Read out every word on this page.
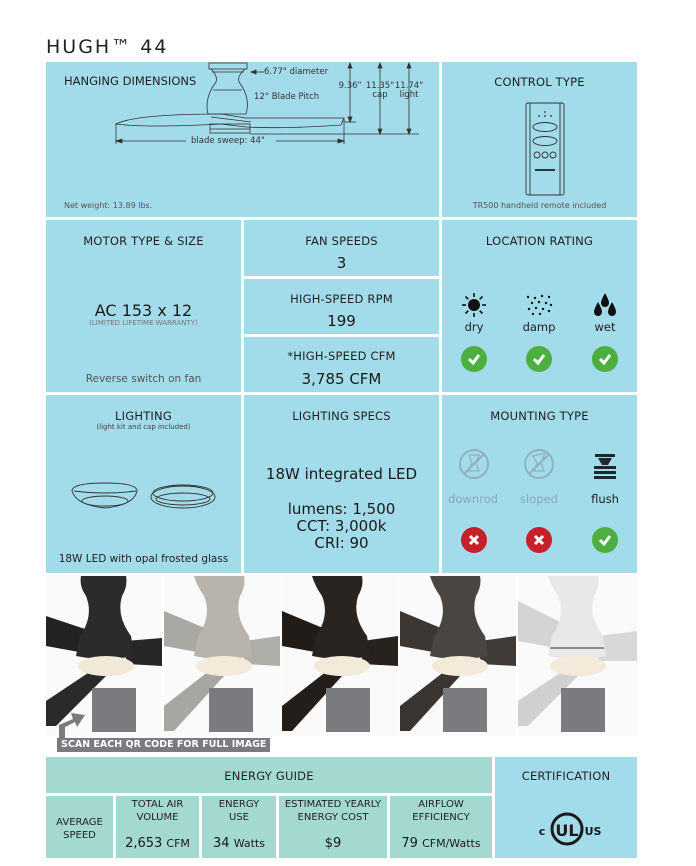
HUGH™ 44
HANGING DIMENSIONS
6.77" diameter
12° Blade Pitch
9.36" 11.35"
cap
11.74"
light
blade sweep: 44"
Net weight: 13.89 lbs.
CONTROL TYPE
TR500 handheld remote included
MOTOR TYPE & SIZE
AC 153 x 12
(LIMITED LIFETIME WARRANTY)
Reverse switch on fan
FAN SPEEDS
3
HIGH-SPEED RPM
199
*HIGH-SPEED CFM
3,785 CFM
LOCATION RATING
dry	damp	wet
LIGHTING
(light kit and cap included)
18W LED with opal frosted glass
LIGHTING SPECS
18W integrated LED
lumens: 1,500
CCT: 3,000k
CRI: 90
MOUNTING TYPE
downrod	sloped	flush
SCAN EACH QR CODE FOR FULL IMAGE
ENERGY GUIDE
AVERAGE SPEED
TOTAL AIR VOLUME
2,653 CFM
ENERGY USE
34 Watts
ESTIMATED YEARLY ENERGY COST
$9
AIRFLOW EFFICIENCY
79 CFM/Watts
CERTIFICATION
UL
c	US
